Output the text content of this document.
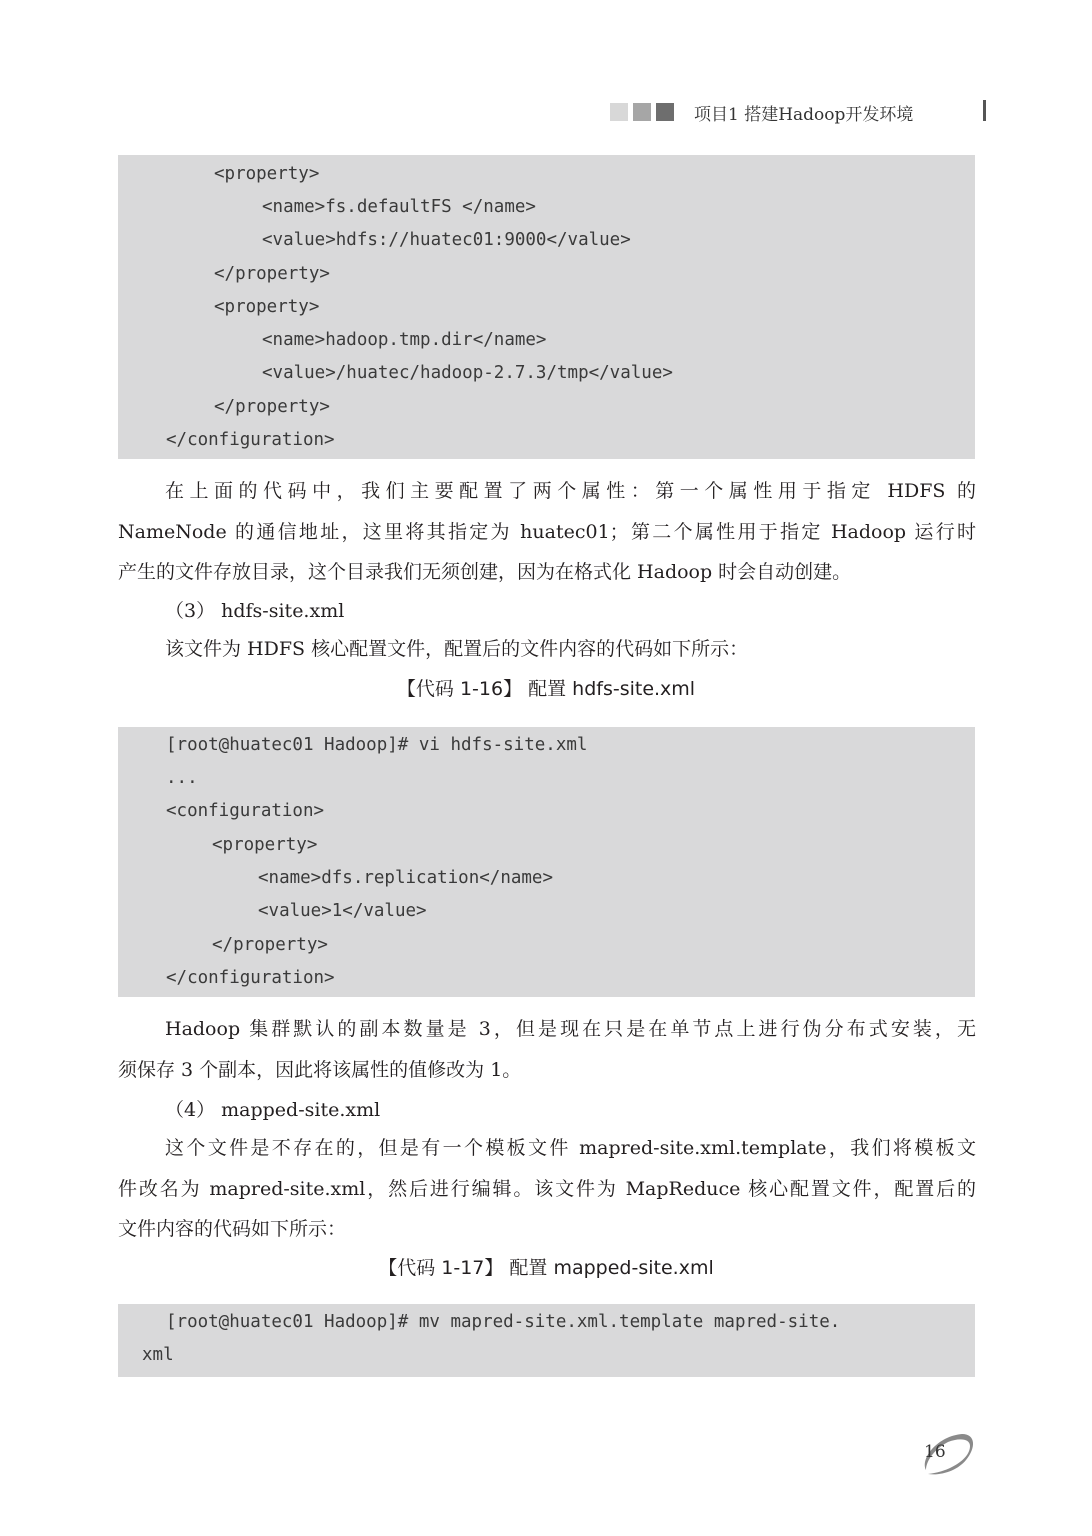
项目1 搭建Hadoop开发环境
<property>
<name>fs.defaultFS </name>
<value>hdfs://huatec01:9000</value>
</property>
<property>
<name>hadoop.tmp.dir</name>
<value>/huatec/hadoop-2.7.3/tmp</value>
</property>
</configuration>
在上面的代码中，我们主要配置了两个属性：第一个属性用于指定 HDFS 的
NameNode 的通信地址，这里将其指定为 huatec01；第二个属性用于指定 Hadoop 运行时
产生的文件存放目录，这个目录我们无须创建，因为在格式化 Hadoop 时会自动创建。
（3） hdfs-site.xml
该文件为 HDFS 核心配置文件，配置后的文件内容的代码如下所示：
【代码 1-16】 配置 hdfs-site.xml
[root@huatec01 Hadoop]# vi hdfs-site.xml
...
<configuration>
<property>
<name>dfs.replication</name>
<value>1</value>
</property>
</configuration>
Hadoop 集群默认的副本数量是 3，但是现在只是在单节点上进行伪分布式安装，无
须保存 3 个副本，因此将该属性的值修改为 1。
（4） mapped-site.xml
这个文件是不存在的，但是有一个模板文件 mapred-site.xml.template，我们将模板文
件改名为 mapred-site.xml，然后进行编辑。该文件为 MapReduce 核心配置文件，配置后的
文件内容的代码如下所示：
【代码 1-17】 配置 mapped-site.xml
[root@huatec01 Hadoop]# mv mapred-site.xml.template mapred-site.
xml
16
